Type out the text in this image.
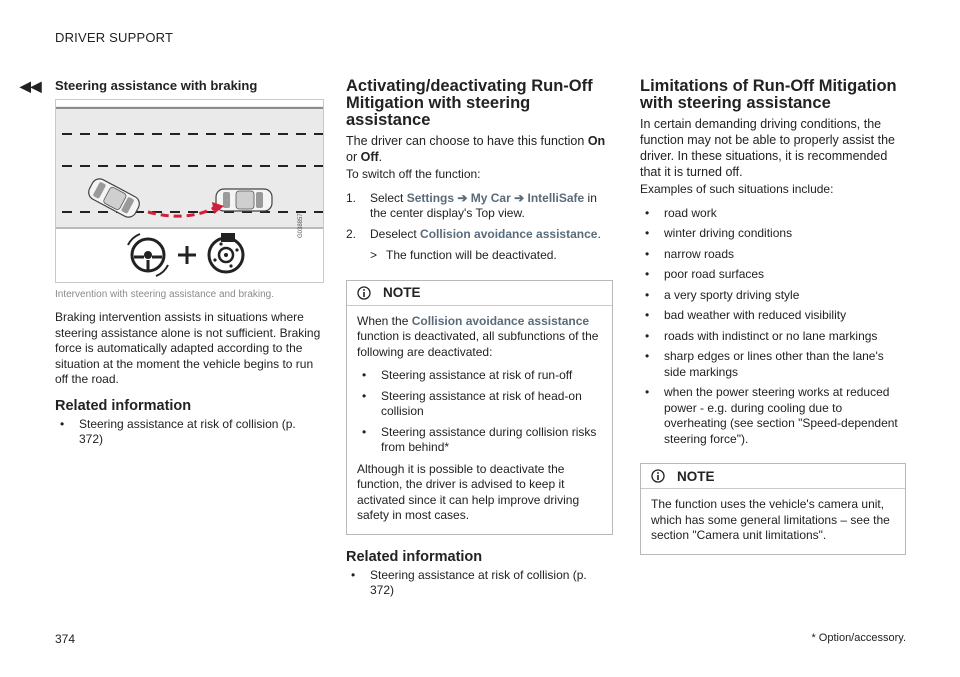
DRIVER SUPPORT
◀◀ Steering assistance with braking
Intervention with steering assistance and braking.

Braking intervention assists in situations where steering assistance alone is not sufficient. Braking force is automatically adapted according to the situation at the moment the vehicle begins to run off the road.

Related information
• Steering assistance at risk of collision (p. 372)
G038857
Activating/deactivating Run-Off Mitigation with steering assistance

The driver can choose to have this function On or Off.

To switch off the function:

1. Select Settings ➔ My Car ➔ IntelliSafe in the center display's Top view.
2. Deselect Collision avoidance assistance.
> The function will be deactivated.
NOTE

When the Collision avoidance assistance function is deactivated, all subfunctions of the following are deactivated:

• Steering assistance at risk of run-off
• Steering assistance at risk of head-on collision
• Steering assistance during collision risks from behind*

Although it is possible to deactivate the function, the driver is advised to keep it activated since it can help improve driving safety in most cases.

Related information
• Steering assistance at risk of collision (p. 372)
Limitations of Run-Off Mitigation with steering assistance

In certain demanding driving conditions, the function may not be able to properly assist the driver. In these situations, it is recommended that it is turned off.

Examples of such situations include:

• road work
• winter driving conditions
• narrow roads
• poor road surfaces
• a very sporty driving style
• bad weather with reduced visibility
• roads with indistinct or no lane markings
• sharp edges or lines other than the lane's side markings
• when the power steering works at reduced power - e.g. during cooling due to overheating (see section "Speed-dependent steering force").
NOTE

The function uses the vehicle's camera unit, which has some general limitations – see the section "Camera unit limitations".

374	* Option/accessory.
